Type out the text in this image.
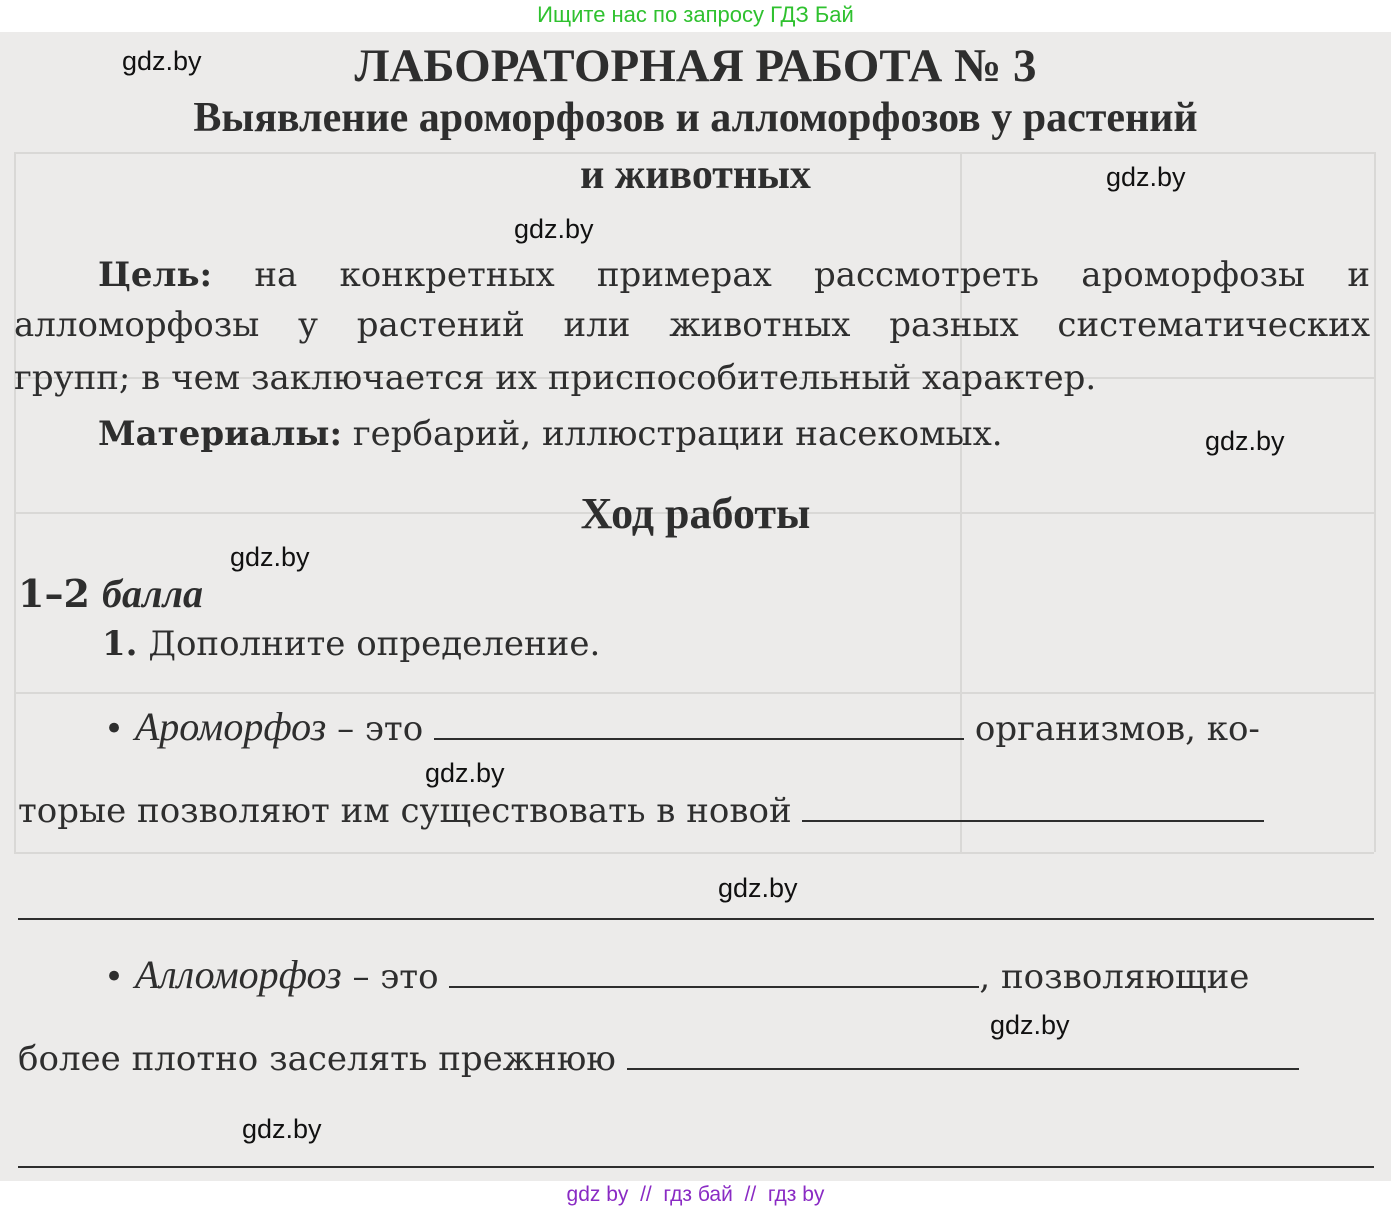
Ищите нас по запросу ГДЗ Бай
ЛАБОРАТОРНАЯ РАБОТА № 3
Выявление ароморфозов и алломорфозов у растений
и животных
Цель: на конкретных примерах рассмотреть ароморфозы и
алломорфозы у растений или животных разных систематических
групп; в чем заключается их приспособительный характер.
Материалы: гербарий, иллюстрации насекомых.
Ход работы
1–2 балла
1. Дополните определение.
• Ароморфоз – это	организмов, ко-
торые позволяют им существовать в новой
• Алломорфоз – это	, позволяющие
более плотно заселять прежнюю
gdz.by
gdz.by
gdz.by
gdz.by
gdz.by
gdz.by
gdz.by
gdz.by
gdz.by
gdz by  //  гдз бай  //  гдз by
